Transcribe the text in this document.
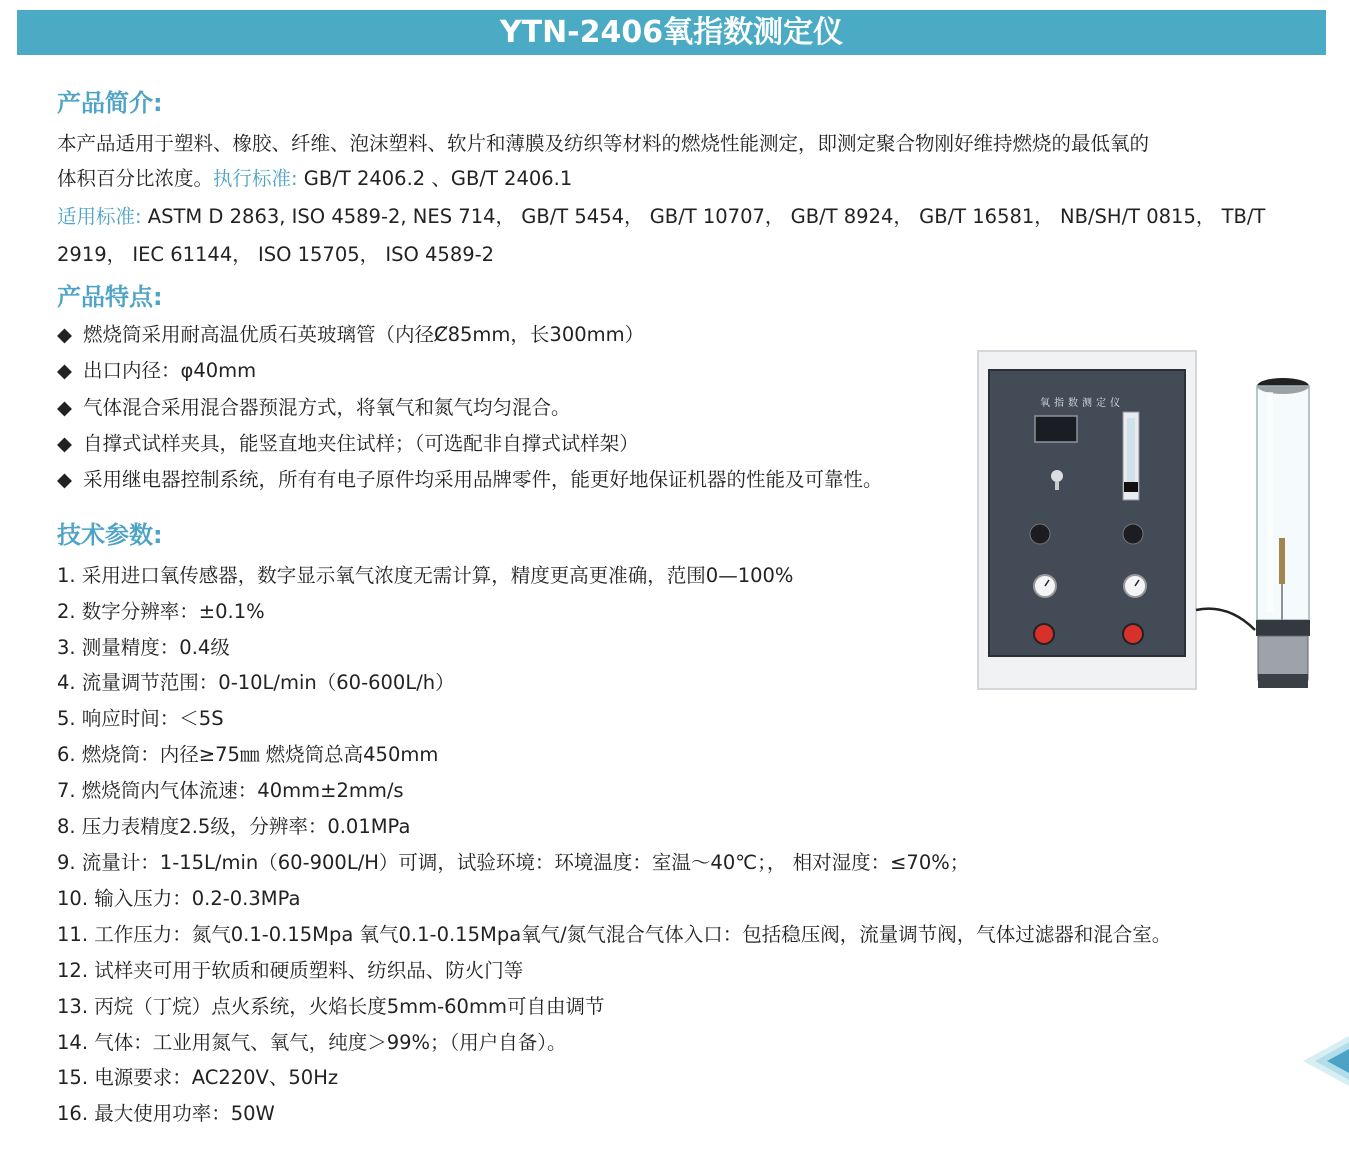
YTN-2406氧指数测定仪
产品简介:
本产品适用于塑料、橡胶、纤维、泡沫塑料、软片和薄膜及纺织等材料的燃烧性能测定，即测定聚合物刚好维持燃烧的最低氧的
体积百分比浓度。执行标准: GB/T 2406.2 、GB/T 2406.1
适用标准: ASTM D 2863, ISO 4589-2, NES 714， GB/T 5454， GB/T 10707， GB/T 8924， GB/T 16581， NB/SH/T 0815， TB/T
2919， IEC 61144， ISO 15705， ISO 4589-2
产品特点:
◆ 燃烧筒采用耐高温优质石英玻璃管（内径Ȼ85mm，长300mm）
◆ 出口内径：φ40mm
◆ 气体混合采用混合器预混方式，将氧气和氮气均匀混合。
◆ 自撑式试样夹具，能竖直地夹住试样；（可选配非自撑式试样架）
◆ 采用继电器控制系统，所有有电子原件均采用品牌零件，能更好地保证机器的性能及可靠性。
技术参数:
1. 采用进口氧传感器，数字显示氧气浓度无需计算，精度更高更准确，范围0—100%
2. 数字分辨率：±0.1%
3. 测量精度：0.4级
4. 流量调节范围：0-10L/min（60-600L/h）
5. 响应时间：＜5S
6. 燃烧筒：内径≥75㎜ 燃烧筒总高450mm
7. 燃烧筒内气体流速：40mm±2mm/s
8. 压力表精度2.5级，分辨率：0.01MPa
9. 流量计：1-15L/min（60-900L/H）可调，试验环境：环境温度：室温～40℃；， 相对湿度：≤70%；
10. 输入压力：0.2-0.3MPa
11. 工作压力：氮气0.1-0.15Mpa 氧气0.1-0.15Mpa氧气/氮气混合气体入口：包括稳压阀，流量调节阀，气体过滤器和混合室。
12. 试样夹可用于软质和硬质塑料、纺织品、防火门等
13. 丙烷（丁烷）点火系统，火焰长度5mm-60mm可自由调节
14. 气体：工业用氮气、氧气，纯度＞99%；（用户自备）。
15. 电源要求：AC220V、50Hz
16. 最大使用功率：50W
氧指数测定仪
